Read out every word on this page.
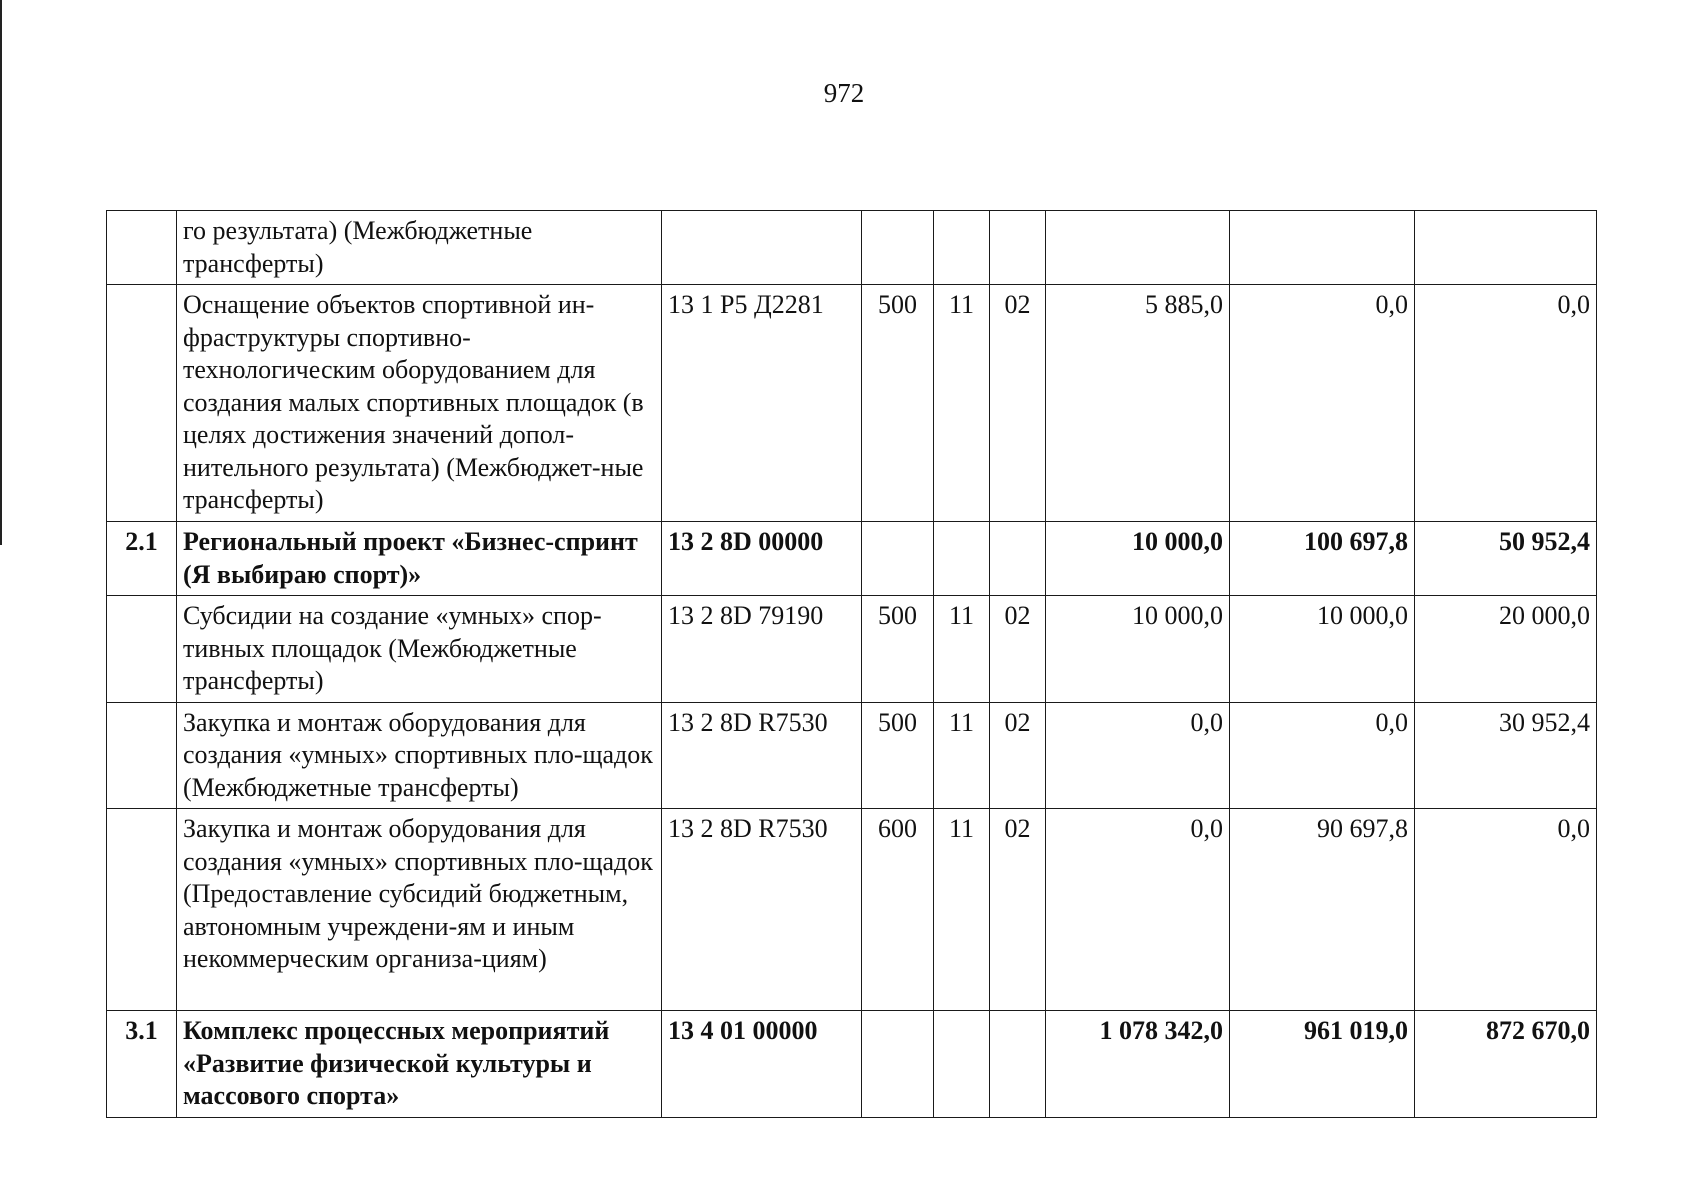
972
	го результата) (Межбюджетные трансферты)							
	Оснащение объектов спортивной ин-фраструктуры спортивно-технологическим оборудованием для создания малых спортивных площадок (в целях достижения значений допол-нительного результата) (Межбюджет-ные трансферты)	13 1 Р5 Д2281	500	11	02	5 885,0	0,0	0,0
2.1	Региональный проект «Бизнес-спринт (Я выбираю спорт)»	13 2 8D 00000				10 000,0	100 697,8	50 952,4
	Субсидии на создание «умных» спор-тивных площадок (Межбюджетные трансферты)	13 2 8D 79190	500	11	02	10 000,0	10 000,0	20 000,0
	Закупка и монтаж оборудования для создания «умных» спортивных пло-щадок (Межбюджетные трансферты)	13 2 8D R7530	500	11	02	0,0	0,0	30 952,4
	Закупка и монтаж оборудования для создания «умных» спортивных пло-щадок (Предоставление субсидий бюджетным, автономным учреждени-ям и иным некоммерческим организа-циям)	13 2 8D R7530	600	11	02	0,0	90 697,8	0,0
3.1	Комплекс процессных мероприятий «Развитие физической культуры и массового спорта»	13 4 01 00000				1 078 342,0	961 019,0	872 670,0
